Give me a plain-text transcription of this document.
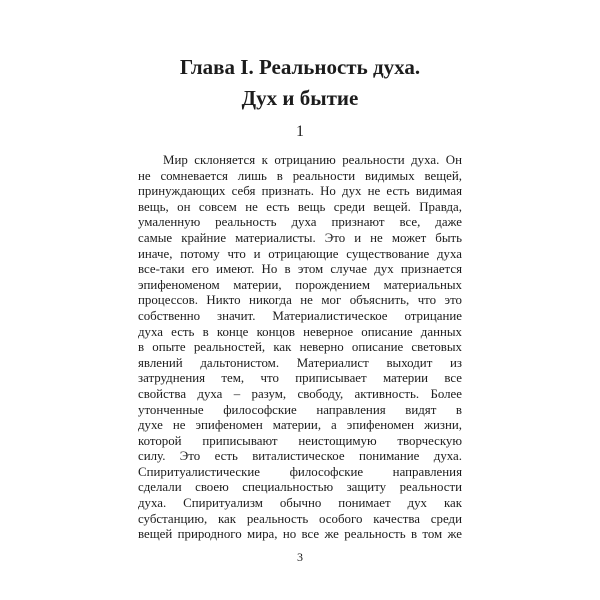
Глава I. Реальность духа.
Дух и бытие
1
Мир склоняется к отрицанию реальности духа. Он
не сомневается лишь в реальности видимых вещей,
принуждающих себя признать. Но дух не есть видимая
вещь, он совсем не есть вещь среди вещей. Правда,
умаленную реальность духа признают все, даже
самые крайние материалисты. Это и не может быть
иначе, потому что и отрицающие существование духа
все-таки его имеют. Но в этом случае дух признается
эпифеноменом материи, порождением материальных
процессов. Никто никогда не мог объяснить, что это
собственно значит. Материалистическое отрицание
духа есть в конце концов неверное описание данных
в опыте реальностей, как неверно описание световых
явлений дальтонистом. Материалист выходит из
затруднения тем, что приписывает материи все
свойства духа – разум, свободу, активность. Более
утонченные философские направления видят в
духе не эпифеномен материи, а эпифеномен жизни,
которой приписывают неистощимую творческую
силу. Это есть виталистическое понимание духа.
Спиритуалистические философские направления
сделали своею специальностью защиту реальности
духа. Спиритуализм обычно понимает дух как
субстанцию, как реальность особого качества среди
вещей природного мира, но все же реальность в том же
3
